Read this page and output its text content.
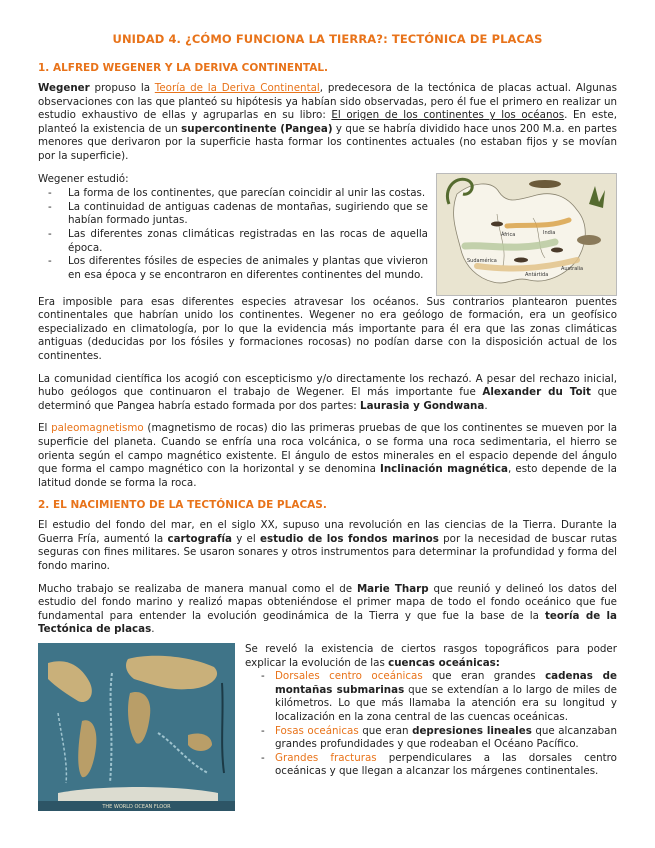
UNIDAD 4. ¿CÓMO FUNCIONA LA TIERRA?: TECTÓNICA DE PLACAS
1. ALFRED WEGENER Y LA DERIVA CONTINENTAL.

Wegener propuso la Teoría de la Deriva Continental, predecesora de la tectónica de placas actual. Algunas observaciones con las que planteó su hipótesis ya habían sido observadas, pero él fue el primero en realizar un estudio exhaustivo de ellas y agruparlas en su libro: El origen de los continentes y los océanos. En este, planteó la existencia de un supercontinente (Pangea) y que se habría dividido hace unos 200 M.a. en partes menores que derivaron por la superficie hasta formar los continentes actuales (no estaban fijos y se movían por la superficie).

Wegener estudió:

- La forma de los continentes, que parecían coincidir al unir las costas.
- La continuidad de antiguas cadenas de montañas, sugiriendo que se habían formado juntas.
- Las diferentes zonas climáticas registradas en las rocas de aquella época.
- Los diferentes fósiles de especies de animales y plantas que vivieron en esa época y se encontraron en diferentes continentes del mundo.
Sudamérica
África
Antártida
India
Australia

Era imposible para esas diferentes especies atravesar los océanos. Sus contrarios plantearon puentes continentales que habrían unido los continentes. Wegener no era geólogo de formación, era un geofísico especializado en climatología, por lo que la evidencia más importante para él era que las zonas climáticas antiguas (deducidas por los fósiles y formaciones rocosas) no podían darse con la disposición actual de los continentes.

La comunidad científica los acogió con escepticismo y/o directamente los rechazó. A pesar del rechazo inicial, hubo geólogos que continuaron el trabajo de Wegener. El más importante fue Alexander du Toit que determinó que Pangea habría estado formada por dos partes: Laurasia y Gondwana.

El paleomagnetismo (magnetismo de rocas) dio las primeras pruebas de que los continentes se mueven por la superficie del planeta. Cuando se enfría una roca volcánica, o se forma una roca sedimentaria, el hierro se orienta según el campo magnético existente. El ángulo de estos minerales en el espacio depende del ángulo que forma el campo magnético con la horizontal y se denomina Inclinación magnética, esto depende de la latitud donde se forma la roca.

2. EL NACIMIENTO DE LA TECTÓNICA DE PLACAS.

El estudio del fondo del mar, en el siglo XX, supuso una revolución en las ciencias de la Tierra. Durante la Guerra Fría, aumentó la cartografía y el estudio de los fondos marinos por la necesidad de buscar rutas seguras con fines militares. Se usaron sonares y otros instrumentos para determinar la profundidad y forma del fondo marino.

Mucho trabajo se realizaba de manera manual como el de Marie Tharp que reunió y delineó los datos del estudio del fondo marino y realizó mapas obteniéndose el primer mapa de todo el fondo oceánico que fue fundamental para entender la evolución geodinámica de la Tierra y que fue la base de la teoría de la Tectónica de placas.

THE WORLD OCEAN FLOOR

Se reveló la existencia de ciertos rasgos topográficos para poder explicar la evolución de las cuencas oceánicas:

- Dorsales centro oceánicas que eran grandes cadenas de montañas submarinas que se extendían a lo largo de miles de kilómetros. Lo que más llamaba la atención era su longitud y localización en la zona central de las cuencas oceánicas.
- Fosas oceánicas que eran depresiones lineales que alcanzaban grandes profundidades y que rodeaban el Océano Pacífico.
- Grandes fracturas perpendiculares a las dorsales centro oceánicas y que llegan a alcanzar los márgenes continentales.
